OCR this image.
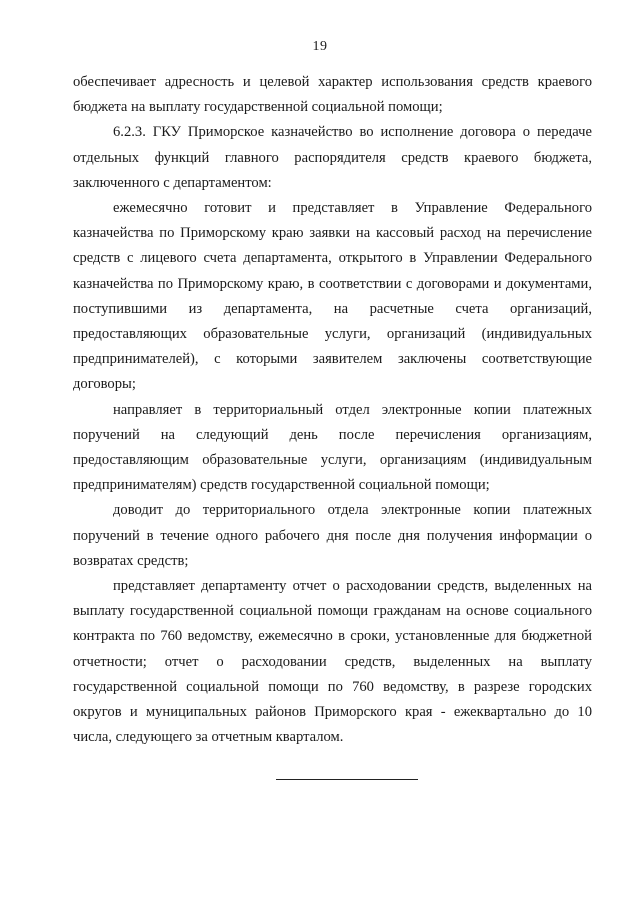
19

обеспечивает адресность и целевой характер использования средств краевого бюджета на выплату государственной социальной помощи;

6.2.3. ГКУ Приморское казначейство во исполнение договора о передаче отдельных функций главного распорядителя средств краевого бюджета, заключенного с департаментом:

ежемесячно готовит и представляет в Управление Федерального казначейства по Приморскому краю заявки на кассовый расход на перечисление средств с лицевого счета департамента, открытого в Управлении Федерального казначейства по Приморскому краю, в соответствии с договорами и документами, поступившими из департамента, на расчетные счета организаций, предоставляющих образовательные услуги, организаций (индивидуальных предпринимателей), с которыми заявителем заключены соответствующие договоры;

направляет в территориальный отдел электронные копии платежных поручений на следующий день после перечисления организациям, предоставляющим образовательные услуги, организациям (индивидуальным предпринимателям) средств государственной социальной помощи;

доводит до территориального отдела электронные копии платежных поручений в течение одного рабочего дня после дня получения информации о возвратах средств;

представляет департаменту отчет о расходовании средств, выделенных на выплату государственной социальной помощи гражданам на основе социального контракта по 760 ведомству, ежемесячно в сроки, установленные для бюджетной отчетности; отчет о расходовании средств, выделенных на выплату государственной социальной помощи по 760 ведомству, в разрезе городских округов и муниципальных районов Приморского края - ежеквартально до 10 числа, следующего за отчетным кварталом.
